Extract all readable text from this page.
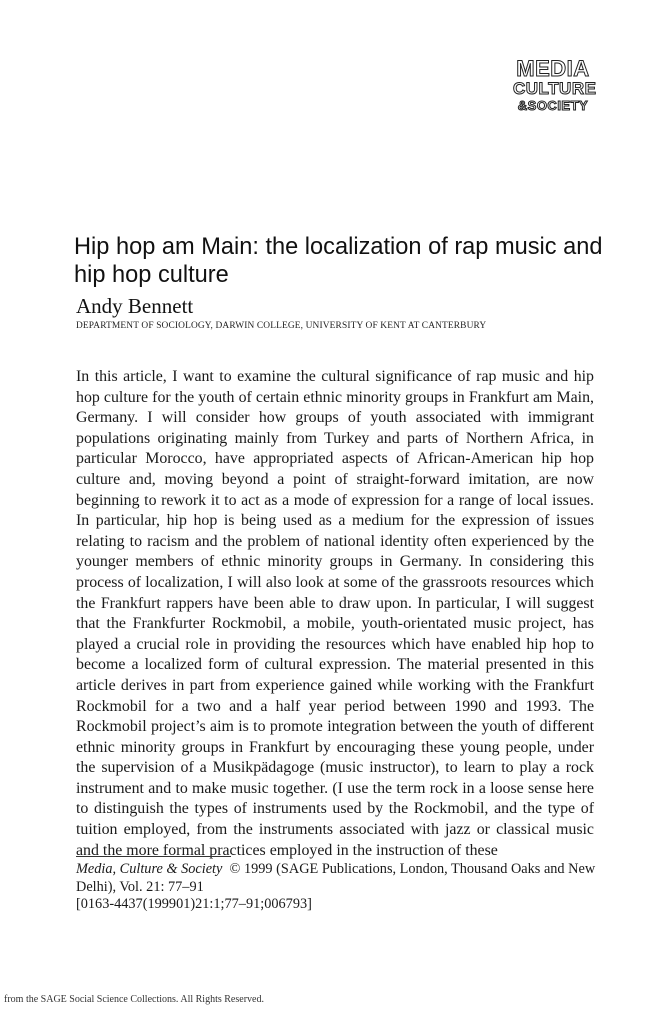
MEDIA
CULTURE
&SOCIETY
Hip hop am Main: the localization of rap music and hip hop culture
Andy Bennett
DEPARTMENT OF SOCIOLOGY, DARWIN COLLEGE, UNIVERSITY OF KENT AT CANTERBURY

In this article, I want to examine the cultural significance of rap music and hip hop culture for the youth of certain ethnic minority groups in Frankfurt am Main, Germany. I will consider how groups of youth associated with immigrant populations originating mainly from Turkey and parts of Northern Africa, in particular Morocco, have appropriated aspects of African-American hip hop culture and, moving beyond a point of straight-forward imitation, are now beginning to rework it to act as a mode of expression for a range of local issues. In particular, hip hop is being used as a medium for the expression of issues relating to racism and the problem of national identity often experienced by the younger members of ethnic minority groups in Germany. In considering this process of localization, I will also look at some of the grassroots resources which the Frankfurt rappers have been able to draw upon. In particular, I will suggest that the Frankfurter Rockmobil, a mobile, youth-orientated music project, has played a crucial role in providing the resources which have enabled hip hop to become a localized form of cultural expression. The material presented in this article derives in part from experience gained while working with the Frankfurt Rockmobil for a two and a half year period between 1990 and 1993. The Rockmobil project’s aim is to promote integration between the youth of different ethnic minority groups in Frankfurt by encouraging these young people, under the supervision of a Musikpädagoge (music instructor), to learn to play a rock instrument and to make music together. (I use the term rock in a loose sense here to distinguish the types of instruments used by the Rockmobil, and the type of tuition employed, from the instruments associated with jazz or classical music and the more formal practices employed in the instruction of these

Media, Culture & Society © 1999 (SAGE Publications, London, Thousand Oaks and New Delhi), Vol. 21: 77–91
[0163-4437(199901)21:1;77–91;006793]
from the SAGE Social Science Collections. All Rights Reserved.
